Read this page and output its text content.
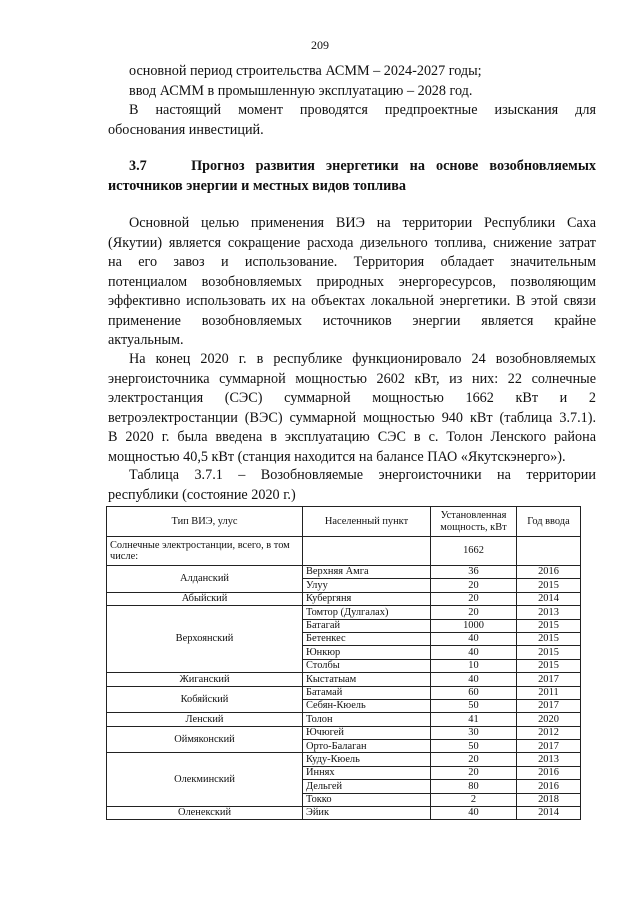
209
основной период строительства АСММ – 2024-2027 годы;
ввод АСММ в промышленную эксплуатацию – 2028 год.
В настоящий момент проводятся предпроектные изыскания для
обоснования инвестиций.
3.7	Прогноз развития энергетики на основе возобновляемых
источников энергии и местных видов топлива
Основной целью применения ВИЭ на территории Республики Саха
(Якутии) является сокращение расхода дизельного топлива, снижение затрат
на его завоз и использование. Территория обладает значительным
потенциалом возобновляемых природных энергоресурсов, позволяющим
эффективно использовать их на объектах локальной энергетики. В этой связи
применение возобновляемых источников энергии является крайне
актуальным.
На конец 2020 г. в республике функционировало 24 возобновляемых
энергоисточника суммарной мощностью 2602 кВт, из них: 22 солнечные
электростанция (СЭС) суммарной мощностью 1662 кВт и 2
ветроэлектростанции (ВЭС) суммарной мощностью 940 кВт (таблица 3.7.1).
В 2020 г. была введена в эксплуатацию СЭС в с. Толон Ленского района
мощностью 40,5 кВт (станция находится на балансе ПАО «Якутскэнерго»).
Таблица 3.7.1 – Возобновляемые энергоисточники на территории
республики (состояние 2020 г.)
Тип ВИЭ, улус	Населенный пункт	Установленная мощность, кВт	Год ввода
Солнечные электростанции, всего, в том числе:		1662	
Алданский	Верхняя Амга	36	2016
	Улуу	20	2015
Абыйский	Кубергяня	20	2014
Верхоянский	Томтор (Дулгалах)	20	2013
	Батагай	1000	2015
	Бетенкес	40	2015
	Юнкюр	40	2015
	Столбы	10	2015
Жиганский	Кыстатыам	40	2017
Кобяйский	Батамай	60	2011
	Себян-Кюель	50	2017
Ленский	Толон	41	2020
Оймяконский	Ючюгей	30	2012
	Орто-Балаган	50	2017
Олекминский	Куду-Кюель	20	2013
	Иннях	20	2016
	Дельгей	80	2016
	Токко	2	2018
Оленекский	Эйик	40	2014
